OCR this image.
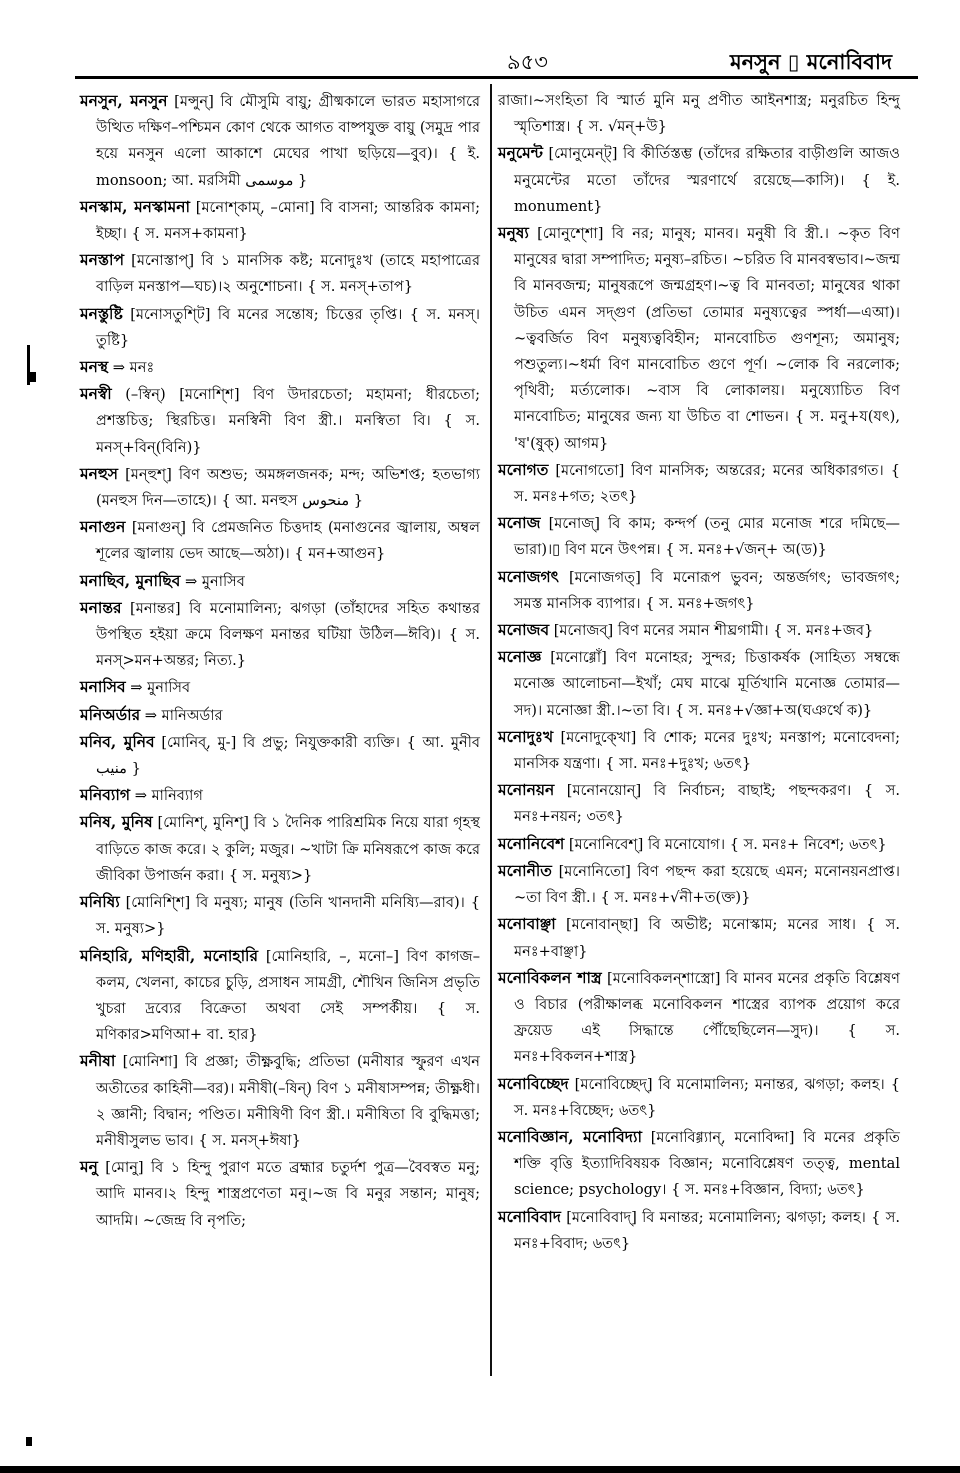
৯৫৩	মনসুন ▯ মনোবিবাদ

মনসুন, মনসুন [মন্সুন্] বি মৌসুমি বায়ু; গ্রীষ্মকালে ভারত মহাসাগরে উত্থিত দক্ষিণ–পশ্চিমন কোণ থেকে আগত বাষ্পযুক্ত বায়ু (সমুদ্র পার হয়ে মনসুন এলো আকাশে মেঘের পাখা ছড়িয়ে—বুব)। { ই. monsoon; আ. মরসিমী موسمی }

মনস্কাম, মনস্কামনা [মনোশ্কাম্, –মোনা] বি বাসনা; আন্তরিক কামনা; ইচ্ছা। { স. মনস+কামনা}

মনস্তাপ [মনোস্তাপ্] বি ১ মানসিক কষ্ট; মনোদুঃখ (তাহে মহাপাত্রের বাড়িল মনস্তাপ—ঘচ)।২ অনুশোচনা। { স. মনস্+তাপ}

মনস্তুষ্টি [মনোসতুশ্টি] বি মনের সন্তোষ; চিত্তের তৃপ্তি। { স. মনস্। তুষ্টি}

মনস্থ ⇒ মনঃ

মনস্বী (–স্বিন্) [মনোশ্শি] বিণ উদারচেতা; মহামনা; ধীরচেতা; প্রশস্তচিত্ত; স্থিরচিত্ত। মনস্বিনী বিণ স্ত্রী.। মনস্বিতা বি। { স. মনস্+বিন্(বিনি)}

মনহুস [মন্হুশ্] বিণ অশুভ; অমঙ্গলজনক; মন্দ; অভিশপ্ত; হতভাগ্য (মনহুস দিন—তাহে)। { আ. মনহুস منحوس }

মনাগুন [মনাগুন্] বি প্রেমজনিত চিত্তদাহ (মনাগুনের জ্বালায়, অম্বল শূলের জ্বালায় ভেদ আছে—অঠা)। { মন+আগুন}

মনাছিব, মুনাছিব ⇒ মুনাসিব

মনান্তর [মনান্তর] বি মনোমালিন্য; ঝগড়া (তাঁহাদের সহিত কথান্তর উপস্থিত হইয়া ক্রমে বিলক্ষণ মনান্তর ঘটিয়া উঠিল—ঈবি)। { স. মনস্>মন+অন্তর; নিত্য.}

মনাসিব ⇒ মুনাসিব

মনিঅর্ডার ⇒ মানিঅর্ডার

মনিব, মুনিব [মোনিব্, মু-] বি প্রভু; নিযুক্তকারী ব্যক্তি। { আ. মুনীব منیب }

মনিব্যাগ ⇒ মানিব্যাগ

মনিষ, মুনিষ [মোনিশ্, মুনিশ্] বি ১ দৈনিক পারিশ্রমিক নিয়ে যারা গৃহস্থ বাড়িতে কাজ করে। ২ কুলি; মজুর। ~খাটা ক্রি মনিষরূপে কাজ করে জীবিকা উপার্জন করা। { স. মনুষ্য>}

মনিষ্যি [মোনিশ্শি] বি মনুষ্য; মানুষ (তিনি খানদানী মনিষ্যি—রাব)। { স. মনুষ্য>}

মনিহারি, মণিহারী, মনোহারি [মোনিহারি, –, মনো–] বিণ কাগজ–কলম, খেলনা, কাচের চুড়ি, প্রসাধন সামগ্রী, শৌখিন জিনিস প্রভৃতি খুচরা দ্রব্যের বিক্রেতা অথবা সেই সম্পর্কীয়। { স. মণিকার>মণিআ+ বা. হার}

মনীষা [মোনিশা] বি প্রজ্ঞা; তীক্ষ্ণবুদ্ধি; প্রতিভা (মনীষার স্ফুরণ এখন অতীতের কাহিনী—বর)। মনীষী(–ষিন্) বিণ ১ মনীষাসম্পন্ন; তীক্ষ্ণধী।২ জ্ঞানী; বিদ্বান; পণ্ডিত। মনীষিণী বিণ স্ত্রী.। মনীষিতা বি বুদ্ধিমত্তা; মনীষীসুলভ ভাব। { স. মনস্+ঈষা}

মনু [মোনু] বি ১ হিন্দু পুরাণ মতে ব্রহ্মার চতুর্দশ পুত্র—বৈবস্বত মনু; আদি মানব।২ হিন্দু শাস্ত্রপ্রণেতা মনু।~জ বি মনুর সন্তান; মানুষ; আদমি। ~জেন্দ্র বি নৃপতি;

রাজা।~সংহিতা বি স্মার্ত মুনি মনু প্রণীত আইনশাস্ত্র; মনুরচিত হিন্দু স্মৃতিশাস্ত্র। { স. √মন্+উ}

মনুমেন্ট [মোনুমেন্ট্] বি কীর্তিস্তম্ভ (তাঁদের রক্ষিতার বাড়ীগুলি আজও মনুমেন্টের মতো তাঁদের স্মরণার্থে রয়েছে—কাসি)। { ই. monument}

মনুষ্য [মোনুশ্শো] বি নর; মানুষ; মানব। মনুষী বি স্ত্রী.। ~কৃত বিণ মানুষের দ্বারা সম্পাদিত; মনুষ্য–রচিত। ~চরিত বি মানবস্বভাব।~জন্ম বি মানবজন্ম; মানুষরূপে জন্মগ্রহণ।~ত্ব বি মানবতা; মানুষের থাকা উচিত এমন সদ্গুণ (প্রতিভা তোমার মনুষ্যত্বের স্পর্ধা—এআ)। ~ত্ববর্জিত বিণ মনুষ্যত্ববিহীন; মানবোচিত গুণশূন্য; অমানুষ; পশুতুল্য।~ধর্মা বিণ মানবোচিত গুণে পূর্ণ। ~লোক বি নরলোক; পৃথিবী; মর্ত্যলোক। ~বাস বি লোকালয়। মনুষ্যোচিত বিণ মানবোচিত; মানুষের জন্য যা উচিত বা শোভন। { স. মনু+য(যৎ), 'ষ'(ষুক্) আগম}

মনোগত [মনোগতো] বিণ মানসিক; অন্তরের; মনের অধিকারগত। { স. মনঃ+গত; ২তৎ}

মনোজ [মনোজ্] বি কাম; কন্দর্প (তনু মোর মনোজ শরে দমিছে—ভারা)।▯ বিণ মনে উৎপন্ন। { স. মনঃ+√জন্+ অ(ড)}

মনোজগৎ [মনোজগত্] বি মনোরূপ ভুবন; অন্তর্জগৎ; ভাবজগৎ; সমস্ত মানসিক ব্যাপার। { স. মনঃ+জগৎ}

মনোজব [মনোজব্] বিণ মনের সমান শীঘ্রগামী। { স. মনঃ+জব}

মনোজ্ঞ [মনোগ্গোঁ] বিণ মনোহর; সুন্দর; চিত্তাকর্ষক (সাহিত্য সম্বন্ধে মনোজ্ঞ আলোচনা—ইখাঁ; মেঘ মাঝে মূর্তিখানি মনোজ্ঞ তোমার—সদ)। মনোজ্ঞা স্ত্রী.।~তা বি। { স. মনঃ+√জ্ঞা+অ(ঘঞর্থে ক)}

মনোদুঃখ [মনোদুক্খো] বি শোক; মনের দুঃখ; মনস্তাপ; মনোবেদনা; মানসিক যন্ত্রণা। { সা. মনঃ+দুঃখ; ৬তৎ}

মনোনয়ন [মনোনয়োন্] বি নির্বাচন; বাছাই; পছন্দকরণ। { স. মনঃ+নয়ন; ৩তৎ}

মনোনিবেশ [মনোনিবেশ্] বি মনোযোগ। { স. মনঃ+ নিবেশ; ৬তৎ}

মনোনীত [মনোনিতো] বিণ পছন্দ করা হয়েছে এমন; মনোনয়নপ্রাপ্ত।~তা বিণ স্ত্রী.। { স. মনঃ+√নী+ত(ক্ত)}

মনোবাঞ্ছা [মনোবান্ছা] বি অভীষ্ট; মনোস্কাম; মনের সাধ। { স. মনঃ+বাঞ্ছা}

মনোবিকলন শাস্ত্র [মনোবিকলন্শাস্ত্রো] বি মানব মনের প্রকৃতি বিশ্লেষণ ও বিচার (পরীক্ষালব্ধ মনোবিকলন শাস্ত্রের ব্যাপক প্রয়োগ করে ফ্রয়েড এই সিদ্ধান্তে পৌঁছেছিলেন—সুদ)। { স. মনঃ+বিকলন+শাস্ত্র}

মনোবিচ্ছেদ [মনোবিচ্ছেদ্] বি মনোমালিন্য; মনান্তর, ঝগড়া; কলহ। { স. মনঃ+বিচ্ছেদ; ৬তৎ}

মনোবিজ্ঞান, মনোবিদ্যা [মনোবিগ্গ্যান্, মনোবিদ্দা] বি মনের প্রকৃতি শক্তি বৃত্তি ইত্যাদিবিষয়ক বিজ্ঞান; মনোবিশ্লেষণ তত্ত্ব, mental science; psychology। { স. মনঃ+বিজ্ঞান, বিদ্যা; ৬তৎ}

মনোবিবাদ [মনোবিবাদ্] বি মনান্তর; মনোমালিন্য; ঝগড়া; কলহ। { স. মনঃ+বিবাদ; ৬তৎ}
